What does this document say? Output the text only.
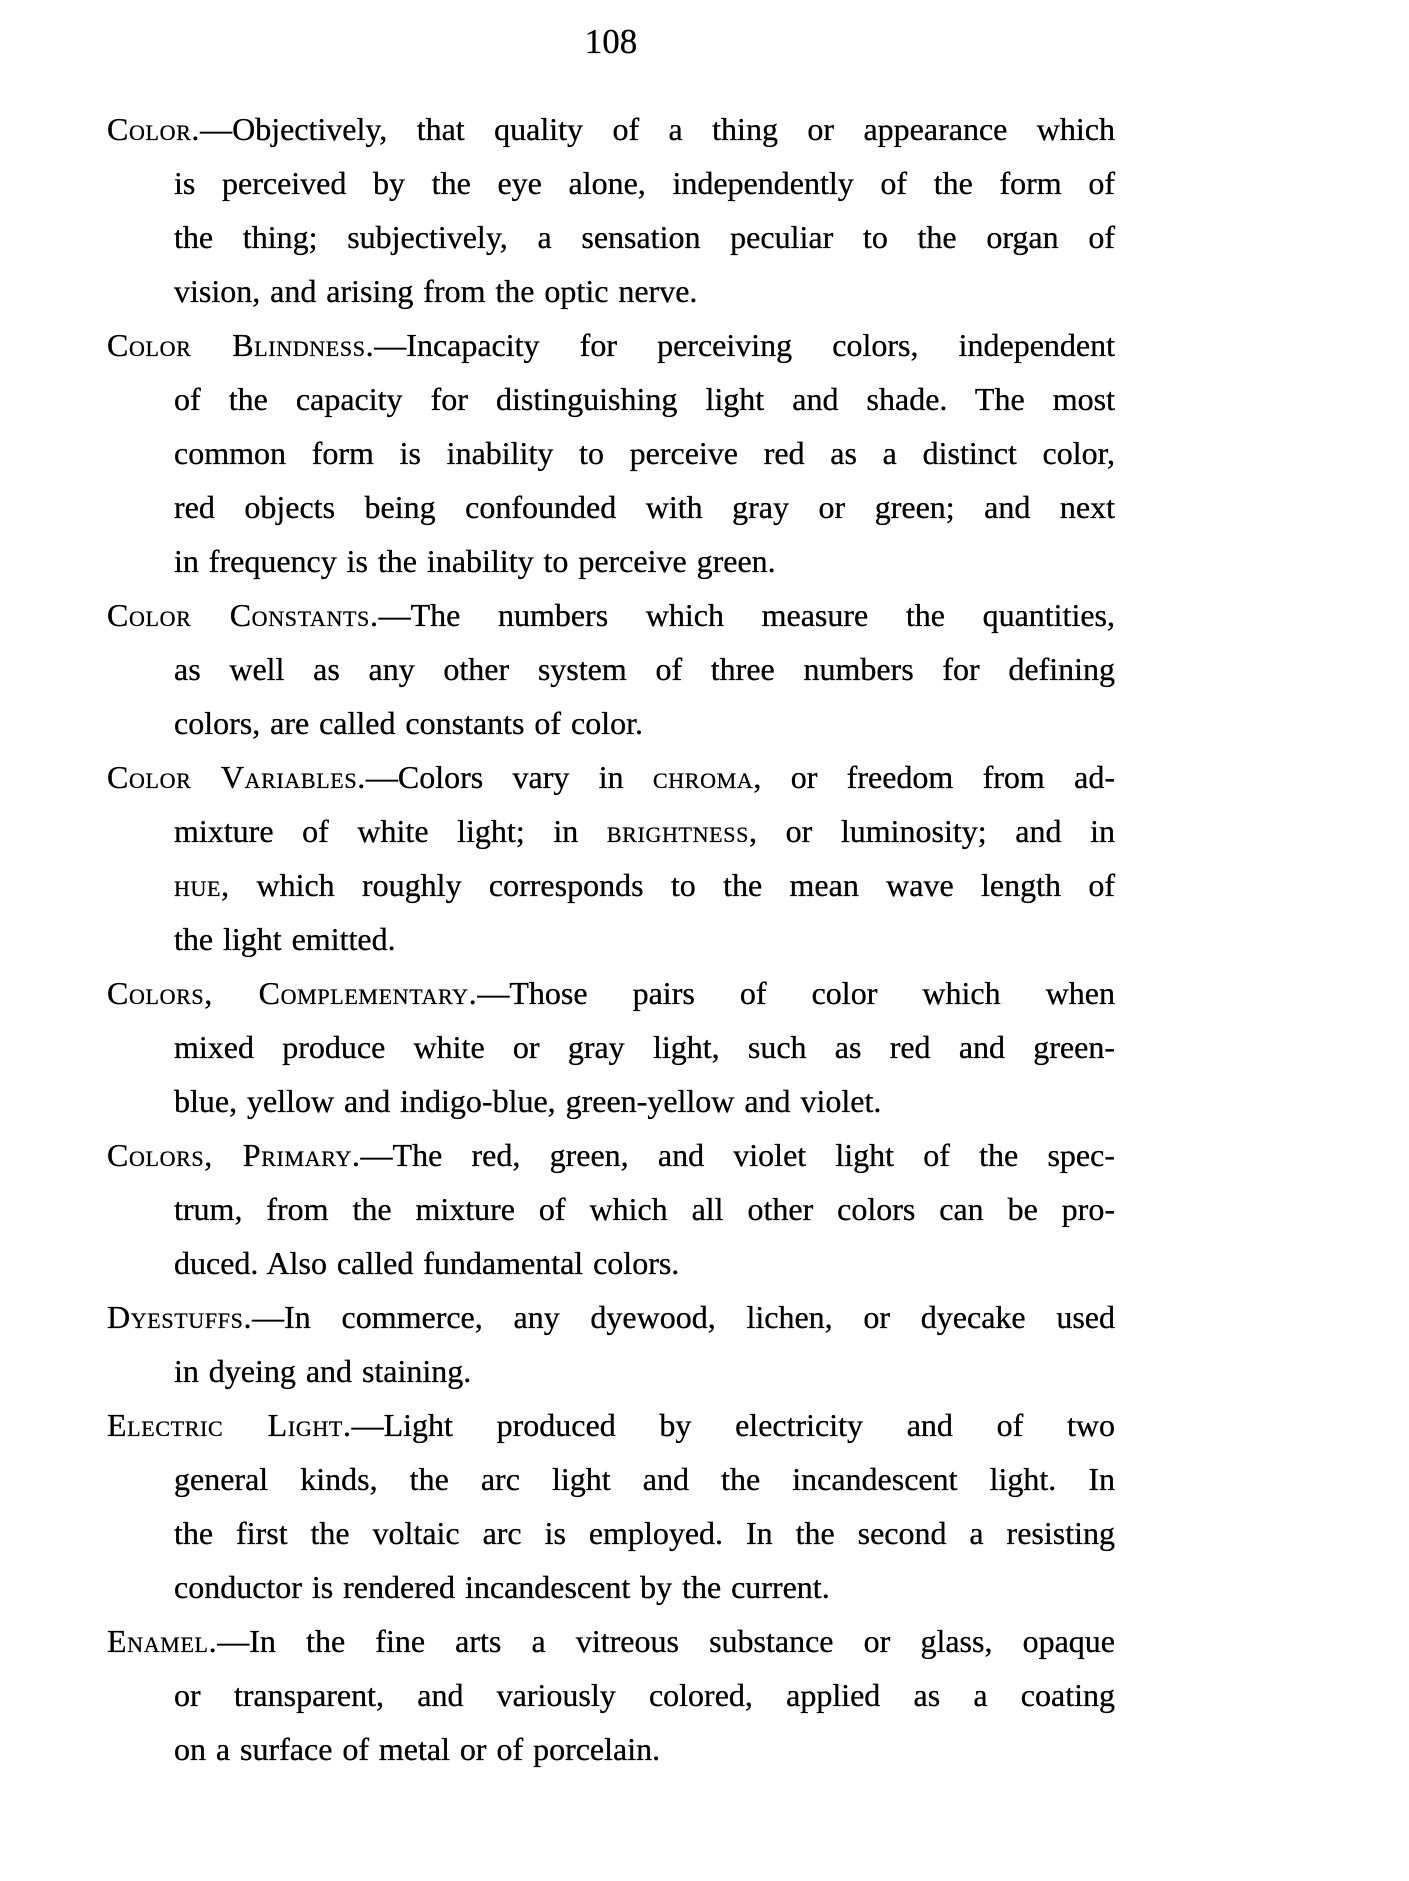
108
Color.—Objectively, that quality of a thing or appearance which
is perceived by the eye alone, independently of the form of
the thing; subjectively, a sensation peculiar to the organ of
vision, and arising from the optic nerve.
Color Blindness.—Incapacity for perceiving colors, independent
of the capacity for distinguishing light and shade. The most
common form is inability to perceive red as a distinct color,
red objects being confounded with gray or green; and next
in frequency is the inability to perceive green.
Color Constants.—The numbers which measure the quantities,
as well as any other system of three numbers for defining
colors, are called constants of color.
Color Variables.—Colors vary in chroma, or freedom from ad-
mixture of white light; in brightness, or luminosity; and in
hue, which roughly corresponds to the mean wave length of
the light emitted.
Colors, Complementary.—Those pairs of color which when
mixed produce white or gray light, such as red and green-
blue, yellow and indigo-blue, green-yellow and violet.
Colors, Primary.—The red, green, and violet light of the spec-
trum, from the mixture of which all other colors can be pro-
duced. Also called fundamental colors.
Dyestuffs.—In commerce, any dyewood, lichen, or dyecake used
in dyeing and staining.
Electric Light.—Light produced by electricity and of two
general kinds, the arc light and the incandescent light. In
the first the voltaic arc is employed. In the second a resisting
conductor is rendered incandescent by the current.
Enamel.—In the fine arts a vitreous substance or glass, opaque
or transparent, and variously colored, applied as a coating
on a surface of metal or of porcelain.
